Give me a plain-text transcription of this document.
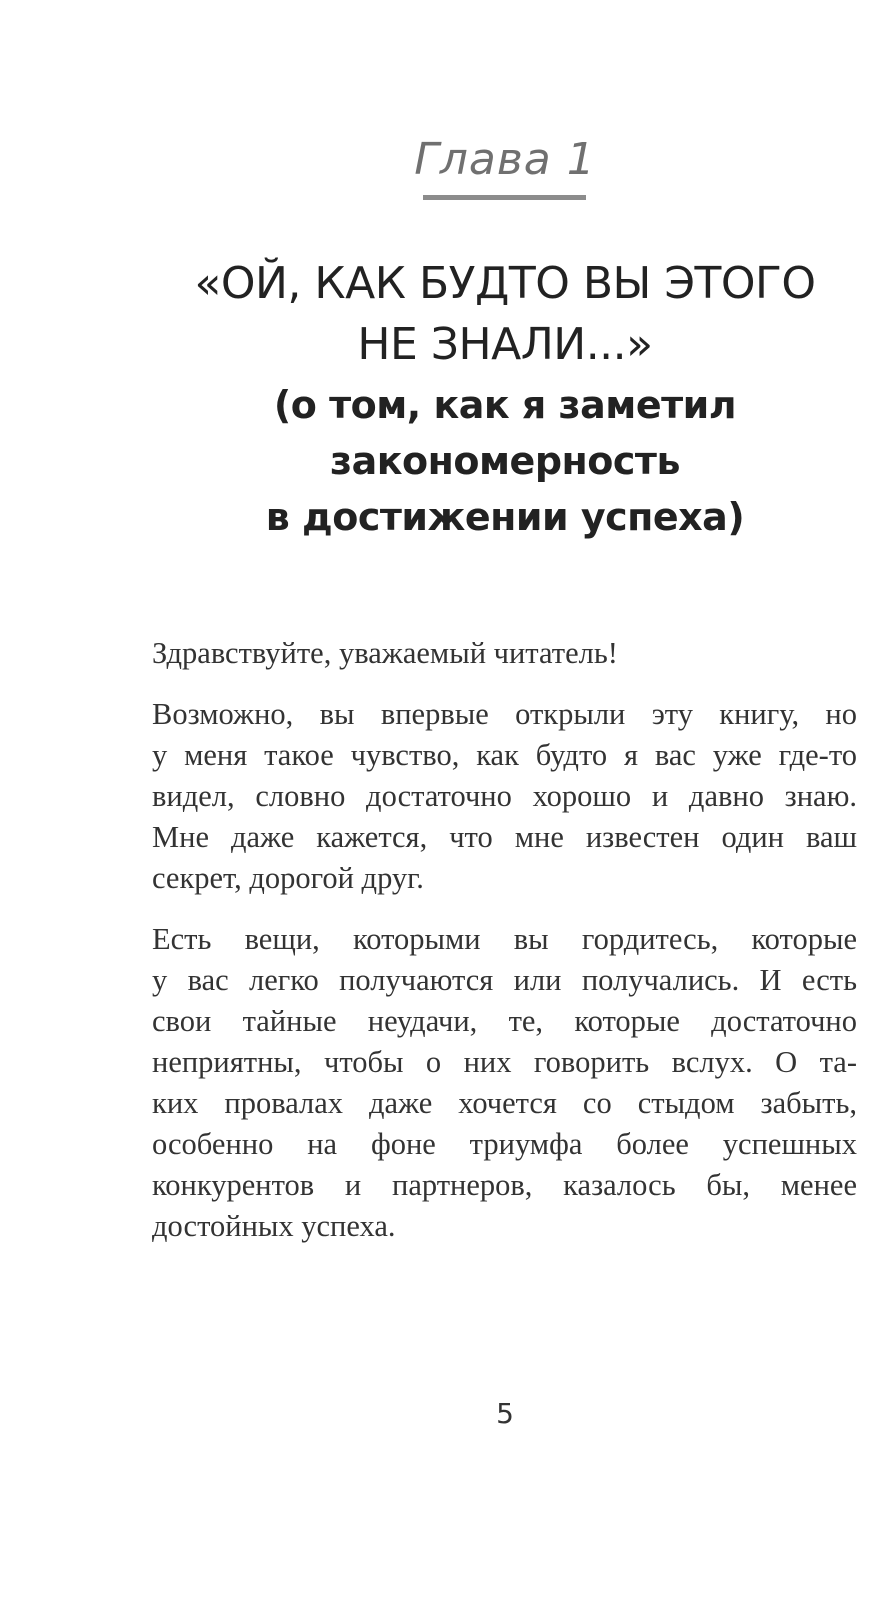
Глава 1
«ОЙ, КАК БУДТО ВЫ ЭТОГО
НЕ ЗНАЛИ...»
(о том, как я заметил
закономерность
в достижении успеха)
Здравствуйте, уважаемый читатель!
Возможно, вы впервые открыли эту книгу, но
у меня такое чувство, как будто я вас уже где-то
видел, словно достаточно хорошо и давно знаю.
Мне даже кажется, что мне известен один ваш
секрет, дорогой друг.
Есть вещи, которыми вы гордитесь, которые
у вас легко получаются или получались. И есть
свои тайные неудачи, те, которые достаточно
неприятны, чтобы о них говорить вслух. О та-
ких провалах даже хочется со стыдом забыть,
особенно на фоне триумфа более успешных
конкурентов и партнеров, казалось бы, менее
достойных успеха.
5
